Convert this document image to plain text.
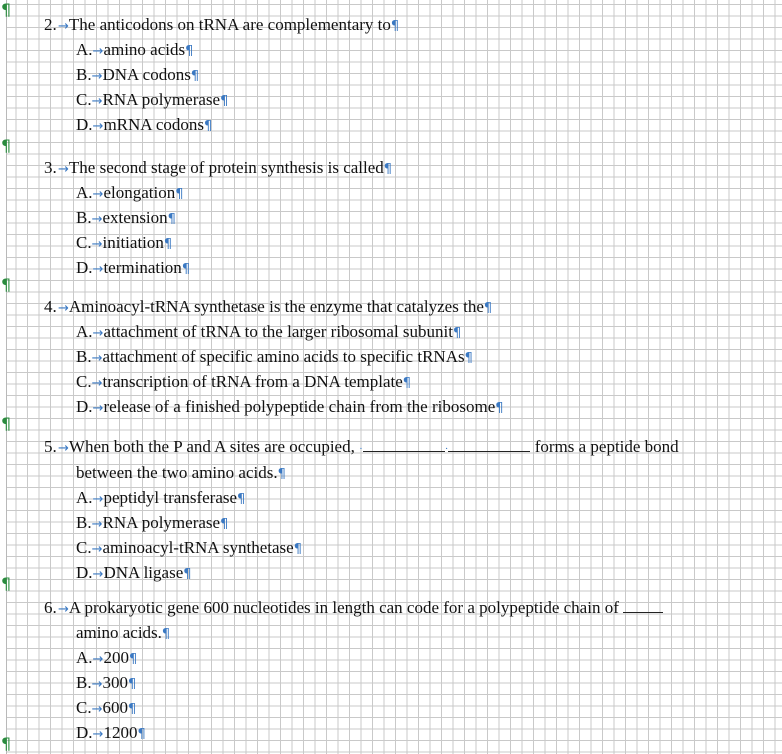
¶
¶
¶
¶
¶
¶
2.→The anticodons on tRNA are complementary to¶
A.→amino acids¶
B.→DNA codons¶
C.→RNA polymerase¶
D.→mRNA codons¶
3.→The second stage of protein synthesis is called¶
A.→elongation¶
B.→extension¶
C.→initiation¶
D.→termination¶
4.→Aminoacyl-tRNA synthetase is the enzyme that catalyzes the¶
A.→attachment of tRNA to the larger ribosomal subunit¶
B.→attachment of specific amino acids to specific tRNAs¶
C.→transcription of tRNA from a DNA template¶
D.→release of a finished polypeptide chain from the ribosome¶
5.→When both the P and A sites are occupied, ·	·	forms a peptide bond
between the two amino acids.¶
A.→peptidyl transferase¶
B.→RNA polymerase¶
C.→aminoacyl-tRNA synthetase¶
D.→DNA ligase¶
6.→A prokaryotic gene 600 nucleotides in length can code for a polypeptide chain of
amino acids.¶
A.→200¶
B.→300¶
C.→600¶
D.→1200¶
